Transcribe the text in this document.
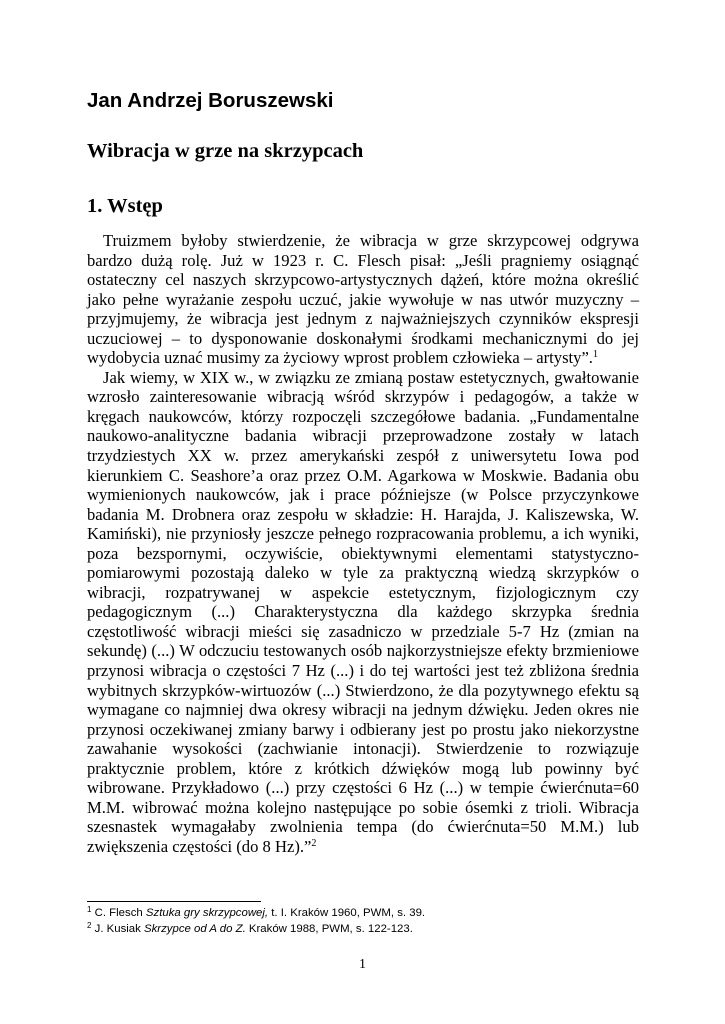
Jan Andrzej Boruszewski
Wibracja w grze na skrzypcach
1. Wstęp

Truizmem byłoby stwierdzenie, że wibracja w grze skrzypcowej odgrywa bardzo dużą rolę. Już w 1923 r. C. Flesch pisał: „Jeśli pragniemy osiągnąć ostateczny cel naszych skrzypcowo-artystycznych dążeń, które można określić jako pełne wyrażanie zespołu uczuć, jakie wywołuje w nas utwór muzyczny – przyjmujemy, że wibracja jest jednym z najważniejszych czynników ekspresji uczuciowej – to dysponowanie doskonałymi środkami mechanicznymi do jej wydobycia uznać musimy za życiowy wprost problem człowieka – artysty”.$^1$

Jak wiemy, w XIX w., w związku ze zmianą postaw estetycznych, gwałtowanie wzrosło zainteresowanie wibracją wśród skrzypów i pedagogów, a także w kręgach naukowców, którzy rozpoczęli szczegółowe badania. „Fundamentalne naukowo-analityczne badania wibracji przeprowadzone zostały w latach trzydziestych XX w. przez amerykański zespół z uniwersytetu Iowa pod kierunkiem C. Seashore’a oraz przez O.M. Agarkowa w Moskwie. Badania obu wymienionych naukowców, jak i prace późniejsze (w Polsce przyczynkowe badania M. Drobnera oraz zespołu w składzie: H. Harajda, J. Kaliszewska, W. Kamiński), nie przyniosły jeszcze pełnego rozpracowania problemu, a ich wyniki, poza bezspornymi, oczywiście, obiektywnymi elementami statystyczno-pomiarowymi pozostają daleko w tyle za praktyczną wiedzą skrzypków o wibracji, rozpatrywanej w aspekcie estetycznym, fizjologicznym czy pedagogicznym (...) Charakterystyczna dla każdego skrzypka średnia częstotliwość wibracji mieści się zasadniczo w przedziale 5-7 Hz (zmian na sekundę) (...) W odczuciu testowanych osób najkorzystniejsze efekty brzmieniowe przynosi wibracja o częstości 7 Hz (...) i do tej wartości jest też zbliżona średnia wybitnych skrzypków-wirtuozów (...) Stwierdzono, że dla pozytywnego efektu są wymagane co najmniej dwa okresy wibracji na jednym dźwięku. Jeden okres nie przynosi oczekiwanej zmiany barwy i odbierany jest po prostu jako niekorzystne zawahanie wysokości (zachwianie intonacji). Stwierdzenie to rozwiązuje praktycznie problem, które z krótkich dźwięków mogą lub powinny być wibrowane. Przykładowo (...) przy częstości 6 Hz (...) w tempie ćwierćnuta=60 M.M. wibrować można kolejno następujące po sobie ósemki z trioli. Wibracja szesnastek wymagałaby zwolnienia tempa (do ćwierćnuta=50 M.M.) lub zwiększenia częstości (do 8 Hz).”$^2$

$^1$ C. Flesch Sztuka gry skrzypcowej, t. I. Kraków 1960, PWM, s. 39.

$^2$ J. Kusiak Skrzypce od A do Z. Kraków 1988, PWM, s. 122-123.

1
